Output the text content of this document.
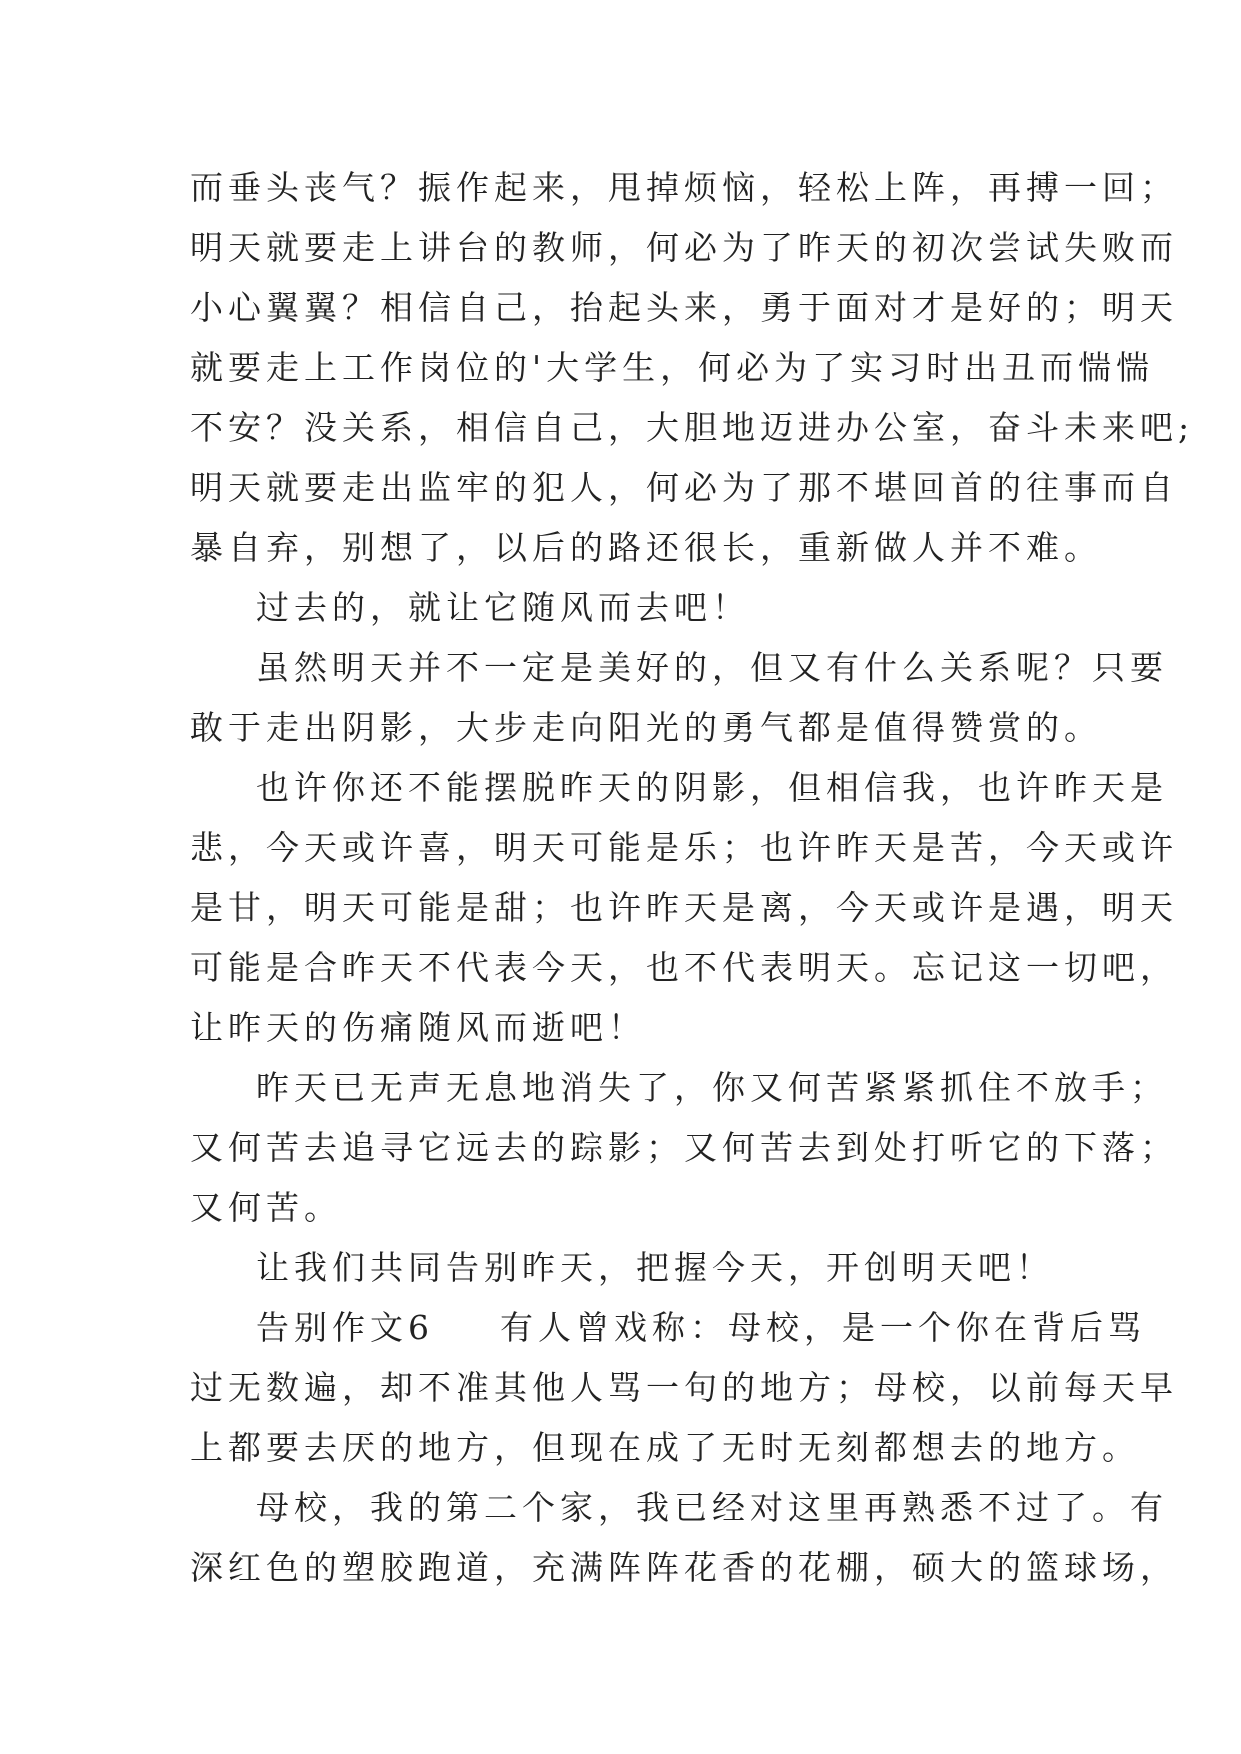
而垂头丧气？振作起来，甩掉烦恼，轻松上阵，再搏一回；
明天就要走上讲台的教师，何必为了昨天的初次尝试失败而
小心翼翼？相信自己，抬起头来，勇于面对才是好的；明天
就要走上工作岗位的'大学生，何必为了实习时出丑而惴惴
不安？没关系，相信自己，大胆地迈进办公室，奋斗未来吧;
明天就要走出监牢的犯人，何必为了那不堪回首的往事而自
暴自弃，别想了，以后的路还很长，重新做人并不难。
过去的，就让它随风而去吧！
虽然明天并不一定是美好的，但又有什么关系呢？只要
敢于走出阴影，大步走向阳光的勇气都是值得赞赏的。
也许你还不能摆脱昨天的阴影，但相信我，也许昨天是
悲，今天或许喜，明天可能是乐；也许昨天是苦，今天或许
是甘，明天可能是甜；也许昨天是离，今天或许是遇，明天
可能是合昨天不代表今天，也不代表明天。忘记这一切吧，
让昨天的伤痛随风而逝吧！
昨天已无声无息地消失了，你又何苦紧紧抓住不放手；
又何苦去追寻它远去的踪影；又何苦去到处打听它的下落；
又何苦。
让我们共同告别昨天，把握今天，开创明天吧！
告别作文6 有人曾戏称：母校，是一个你在背后骂
过无数遍，却不准其他人骂一句的地方；母校，以前每天早
上都要去厌的地方，但现在成了无时无刻都想去的地方。
母校，我的第二个家，我已经对这里再熟悉不过了。有
深红色的塑胶跑道，充满阵阵花香的花棚，硕大的篮球场，
